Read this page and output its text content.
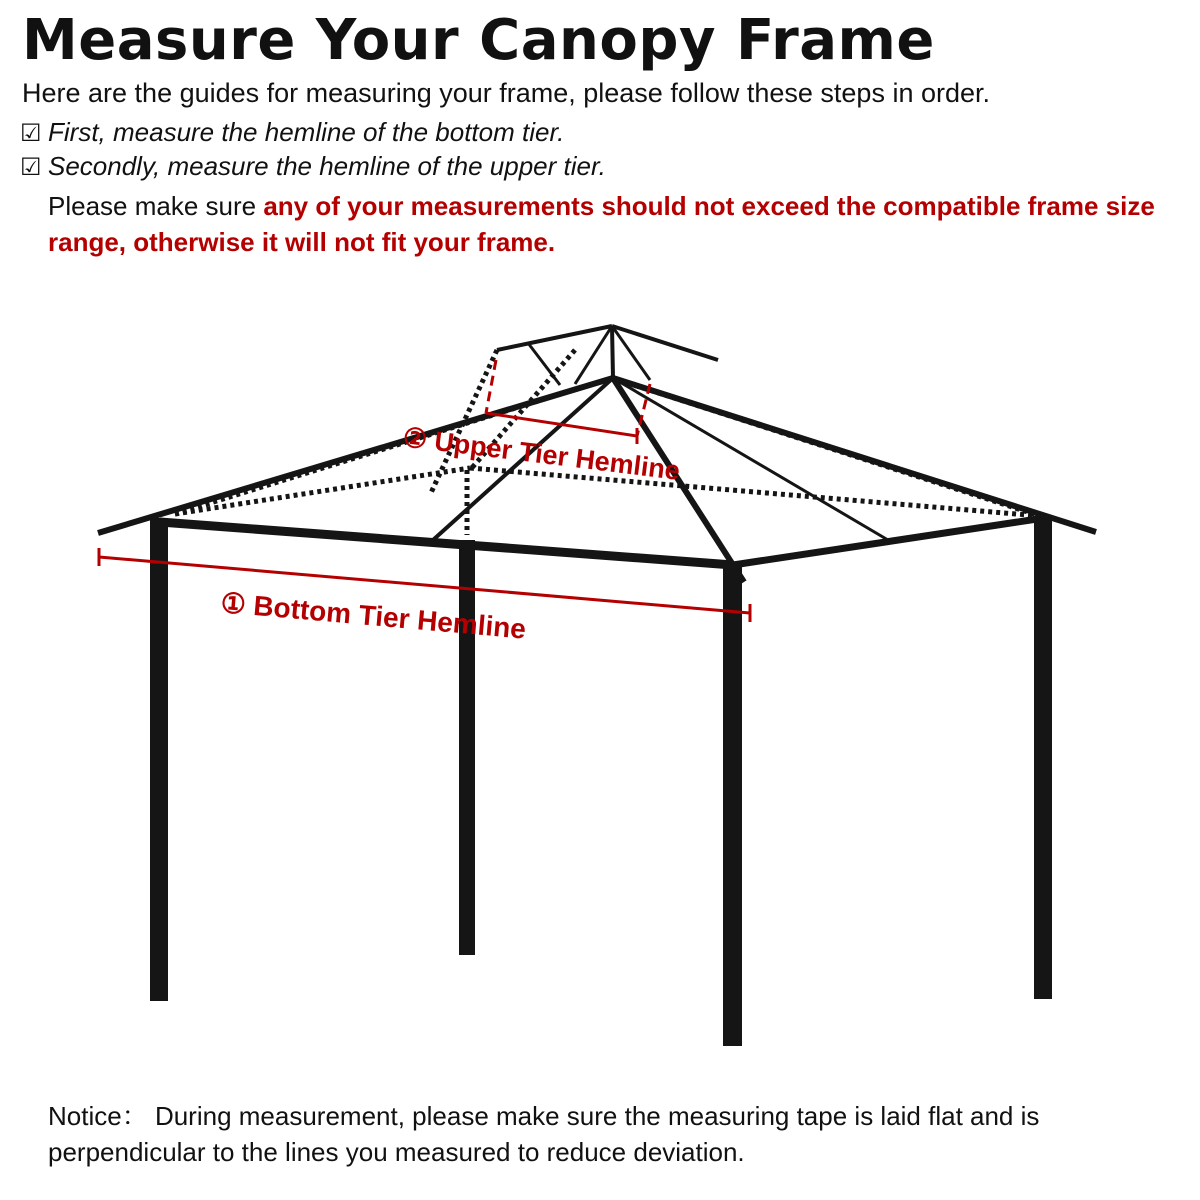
Measure Your Canopy Frame

Here are the guides for measuring your frame, please follow these steps in order.

☑ First, measure the hemline of the bottom tier.
☑ Secondly, measure the hemline of the upper tier.

Please make sure any of your measurements should not exceed the compatible frame size range, otherwise it will not fit your frame.

② Upper Tier Hemline
① Bottom Tier Hemline

Notice： During measurement, please make sure the measuring tape is laid flat and is perpendicular to the lines you measured to reduce deviation.
